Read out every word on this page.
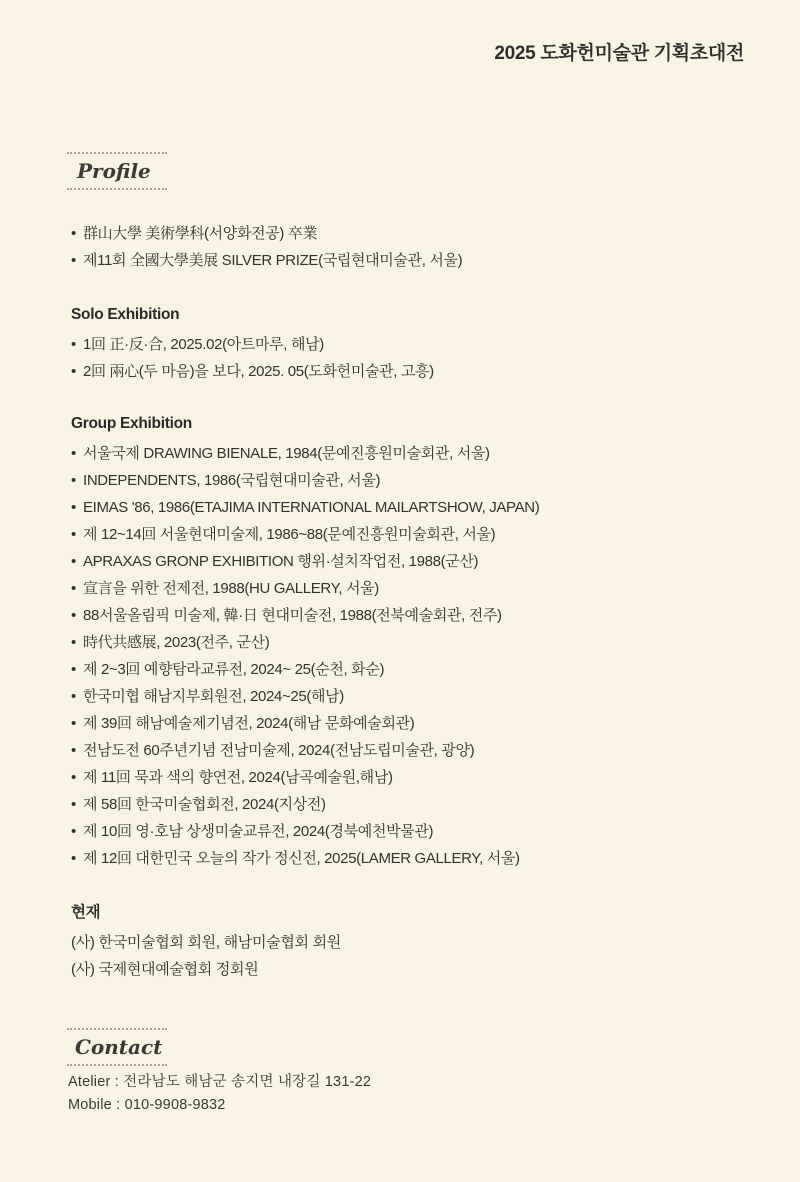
2025 도화헌미술관 기획초대전
Profile
• 群山大學 美術學科(서양화전공) 卒業
• 제11회 全國大學美展 SILVER PRIZE(국립현대미술관, 서울)
Solo Exhibition
• 1回 正·反·合, 2025.02(아트마루, 해남)
• 2回 兩心(두 마음)을 보다, 2025. 05(도화헌미술관, 고흥)
Group Exhibition
• 서울국제 DRAWING BIENALE, 1984(문예진흥원미술회관, 서울)
• INDEPENDENTS, 1986(국립현대미술관, 서울)
• EIMAS '86, 1986(ETAJIMA INTERNATIONAL MAILARTSHOW, JAPAN)
• 제 12~14回 서울현대미술제, 1986~88(문예진흥원미술회관, 서울)
• APRAXAS GRONP EXHIBITION 행위·설치작업전, 1988(군산)
• 宣言을 위한 전제전, 1988(HU GALLERY, 서울)
• 88서울올림픽 미술제, 韓·日 현대미술전, 1988(전북예술회관, 전주)
• 時代共感展, 2023(전주, 군산)
• 제 2~3回 예향탐라교류전, 2024~ 25(순천, 화순)
• 한국미협 해남지부회원전, 2024~25(해남)
• 제 39回 해남예술제기념전, 2024(해남 문화예술회관)
• 전남도전 60주년기념 전남미술제, 2024(전남도립미술관, 광양)
• 제 11回 묵과 색의 향연전, 2024(남곡예술원,해남)
• 제 58回 한국미술협회전, 2024(지상전)
• 제 10回 영·호남 상생미술교류전, 2024(경북예천박물관)
• 제 12回 대한민국 오늘의 작가 정신전, 2025(LAMER GALLERY, 서울)
현재
(사) 한국미술협회 회원, 해남미술협회 회원
(사) 국제현대예술협회 정회원
Contact
Atelier : 전라남도 해남군 송지면 내장길 131-22
Mobile : 010-9908-9832
